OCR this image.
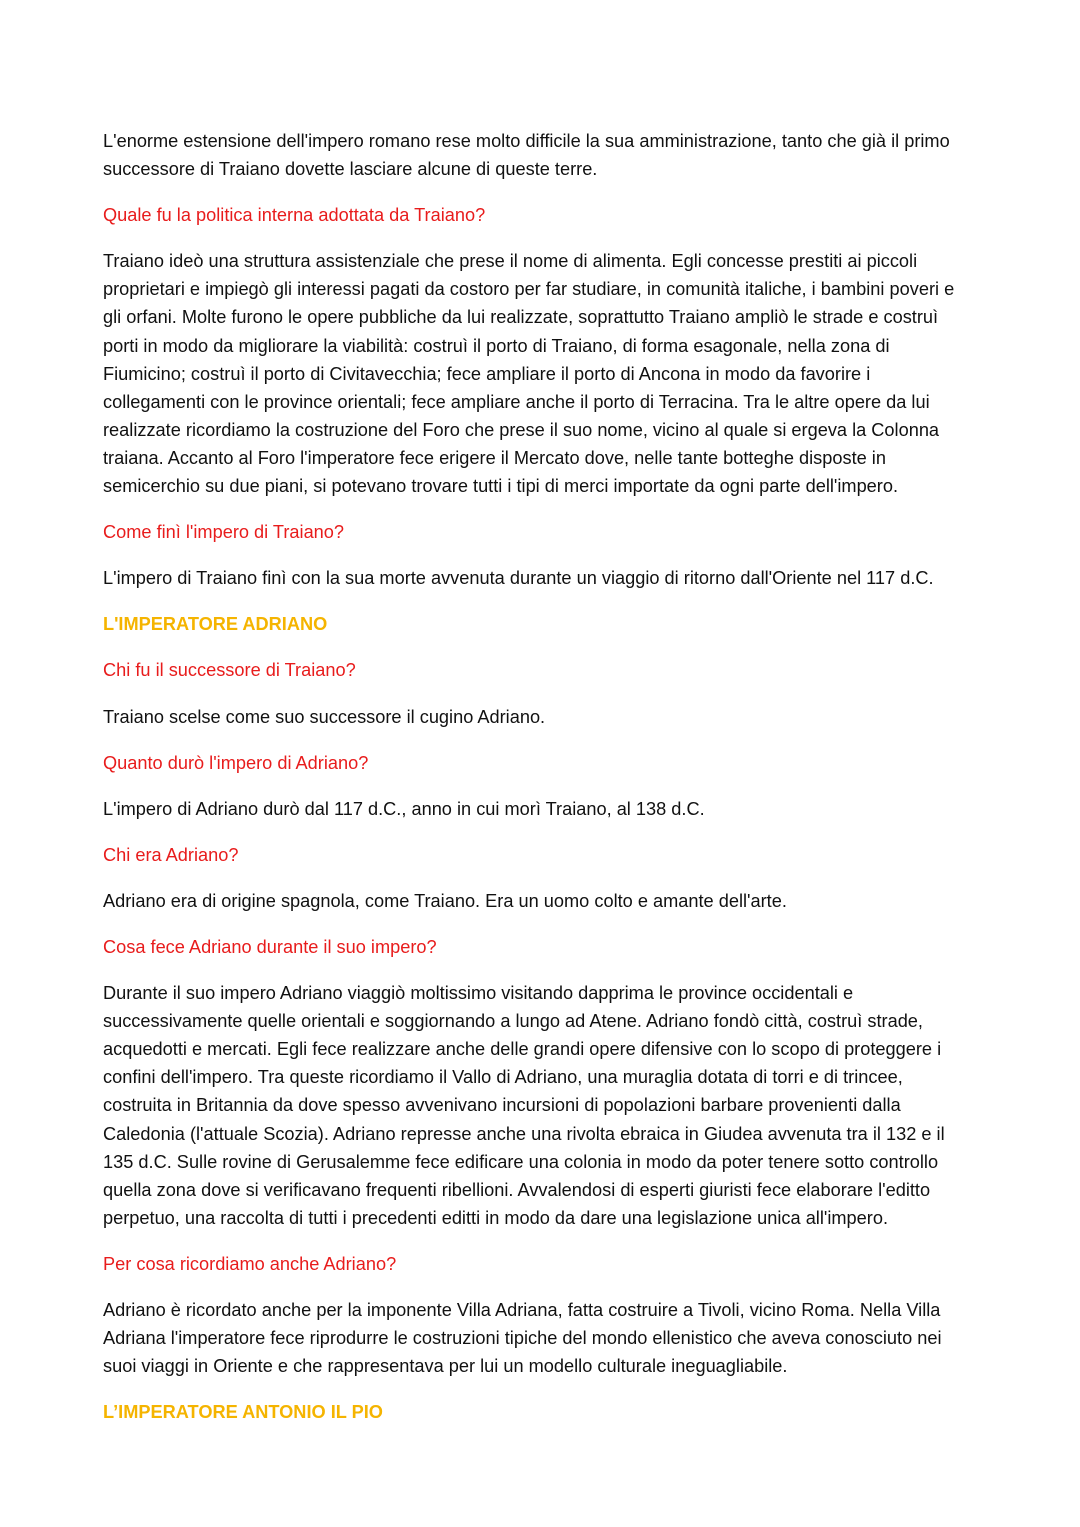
L'enorme estensione dell'impero romano rese molto difficile la sua amministrazione, tanto che già il primo
successore di Traiano dovette lasciare alcune di queste terre.

Quale fu la politica interna adottata da Traiano?

Traiano ideò una struttura assistenziale che prese il nome di alimenta. Egli concesse prestiti ai piccoli
proprietari e impiegò gli interessi pagati da costoro per far studiare, in comunità italiche, i bambini poveri e
gli orfani. Molte furono le opere pubbliche da lui realizzate, soprattutto Traiano ampliò le strade e costruì
porti in modo da migliorare la viabilità: costruì il porto di Traiano, di forma esagonale, nella zona di
Fiumicino; costruì il porto di Civitavecchia; fece ampliare il porto di Ancona in modo da favorire i
collegamenti con le province orientali; fece ampliare anche il porto di Terracina. Tra le altre opere da lui
realizzate ricordiamo la costruzione del Foro che prese il suo nome, vicino al quale si ergeva la Colonna
traiana. Accanto al Foro l'imperatore fece erigere il Mercato dove, nelle tante botteghe disposte in
semicerchio su due piani, si potevano trovare tutti i tipi di merci importate da ogni parte dell'impero.

Come finì l'impero di Traiano?

L'impero di Traiano finì con la sua morte avvenuta durante un viaggio di ritorno dall'Oriente nel 117 d.C.

L'IMPERATORE ADRIANO

Chi fu il successore di Traiano?

Traiano scelse come suo successore il cugino Adriano.

Quanto durò l'impero di Adriano?

L'impero di Adriano durò dal 117 d.C., anno in cui morì Traiano, al 138 d.C.

Chi era Adriano?

Adriano era di origine spagnola, come Traiano. Era un uomo colto e amante dell'arte.

Cosa fece Adriano durante il suo impero?

Durante il suo impero Adriano viaggiò moltissimo visitando dapprima le province occidentali e
successivamente quelle orientali e soggiornando a lungo ad Atene. Adriano fondò città, costruì strade,
acquedotti e mercati. Egli fece realizzare anche delle grandi opere difensive con lo scopo di proteggere i
confini dell'impero. Tra queste ricordiamo il Vallo di Adriano, una muraglia dotata di torri e di trincee,
costruita in Britannia da dove spesso avvenivano incursioni di popolazioni barbare provenienti dalla
Caledonia (l'attuale Scozia). Adriano represse anche una rivolta ebraica in Giudea avvenuta tra il 132 e il
135 d.C. Sulle rovine di Gerusalemme fece edificare una colonia in modo da poter tenere sotto controllo
quella zona dove si verificavano frequenti ribellioni. Avvalendosi di esperti giuristi fece elaborare l'editto
perpetuo, una raccolta di tutti i precedenti editti in modo da dare una legislazione unica all'impero.

Per cosa ricordiamo anche Adriano?

Adriano è ricordato anche per la imponente Villa Adriana, fatta costruire a Tivoli, vicino Roma. Nella Villa
Adriana l'imperatore fece riprodurre le costruzioni tipiche del mondo ellenistico che aveva conosciuto nei
suoi viaggi in Oriente e che rappresentava per lui un modello culturale ineguagliabile.

L’IMPERATORE ANTONIO IL PIO
